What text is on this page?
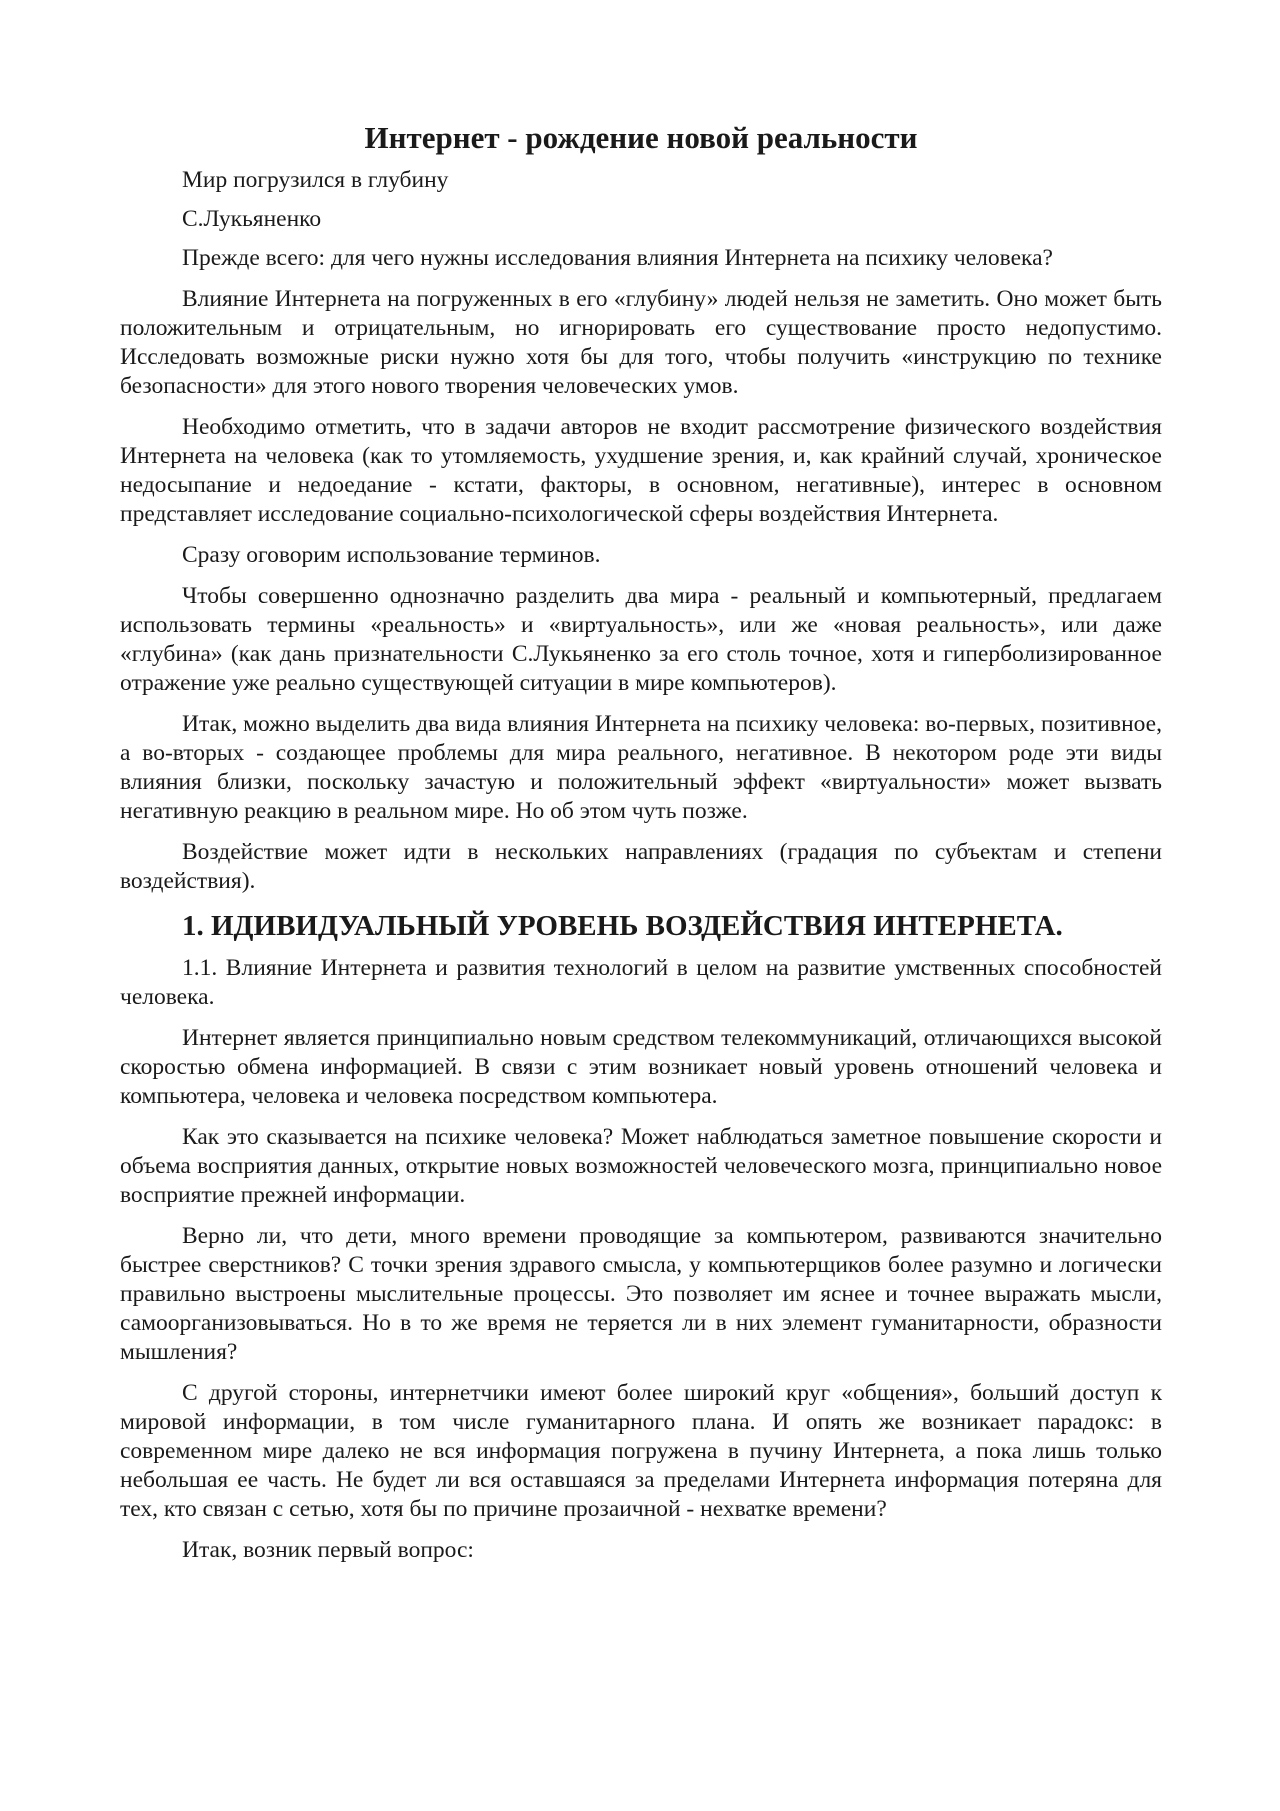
Интернет - рождение новой реальности

Мир погрузился в глубину

С.Лукьяненко

Прежде всего: для чего нужны исследования влияния Интернета на психику человека?

Влияние Интернета на погруженных в его «глубину» людей нельзя не заметить. Оно может быть положительным и отрицательным, но игнорировать его существование просто недопустимо. Исследовать возможные риски нужно хотя бы для того, чтобы получить «инструкцию по технике безопасности» для этого нового творения человеческих умов.

Необходимо отметить, что в задачи авторов не входит рассмотрение физического воздействия Интернета на человека (как то утомляемость, ухудшение зрения, и, как крайний случай, хроническое недосыпание и недоедание - кстати, факторы, в основном, негативные), интерес в основном представляет исследование социально-психологической сферы воздействия Интернета.

Сразу оговорим использование терминов.

Чтобы совершенно однозначно разделить два мира - реальный и компьютерный, предлагаем использовать термины «реальность» и «виртуальность», или же «новая реальность», или даже «глубина» (как дань признательности С.Лукьяненко за его столь точное, хотя и гиперболизированное отражение уже реально существующей ситуации в мире компьютеров).

Итак, можно выделить два вида влияния Интернета на психику человека: во-первых, позитивное, а во-вторых - создающее проблемы для мира реального, негативное. В некотором роде эти виды влияния близки, поскольку зачастую и положительный эффект «виртуальности» может вызвать негативную реакцию в реальном мире. Но об этом чуть позже.

Воздействие может идти в нескольких направлениях (градация по субъектам и степени воздействия).

1. ИДИВИДУАЛЬНЫЙ УРОВЕНЬ ВОЗДЕЙСТВИЯ ИНТЕРНЕТА.

1.1. Влияние Интернета и развития технологий в целом на развитие умственных способностей человека.

Интернет является принципиально новым средством телекоммуникаций, отличающихся высокой скоростью обмена информацией. В связи с этим возникает новый уровень отношений человека и компьютера, человека и человека посредством компьютера.

Как это сказывается на психике человека? Может наблюдаться заметное повышение скорости и объема восприятия данных, открытие новых возможностей человеческого мозга, принципиально новое восприятие прежней информации.

Верно ли, что дети, много времени проводящие за компьютером, развиваются значительно быстрее сверстников? С точки зрения здравого смысла, у компьютерщиков более разумно и логически правильно выстроены мыслительные процессы. Это позволяет им яснее и точнее выражать мысли, самоорганизовываться. Но в то же время не теряется ли в них элемент гуманитарности, образности мышления?

С другой стороны, интернетчики имеют более широкий круг «общения», больший доступ к мировой информации, в том числе гуманитарного плана. И опять же возникает парадокс: в современном мире далеко не вся информация погружена в пучину Интернета, а пока лишь только небольшая ее часть. Не будет ли вся оставшаяся за пределами Интернета информация потеряна для тех, кто связан с сетью, хотя бы по причине прозаичной - нехватке времени?

Итак, возник первый вопрос:
